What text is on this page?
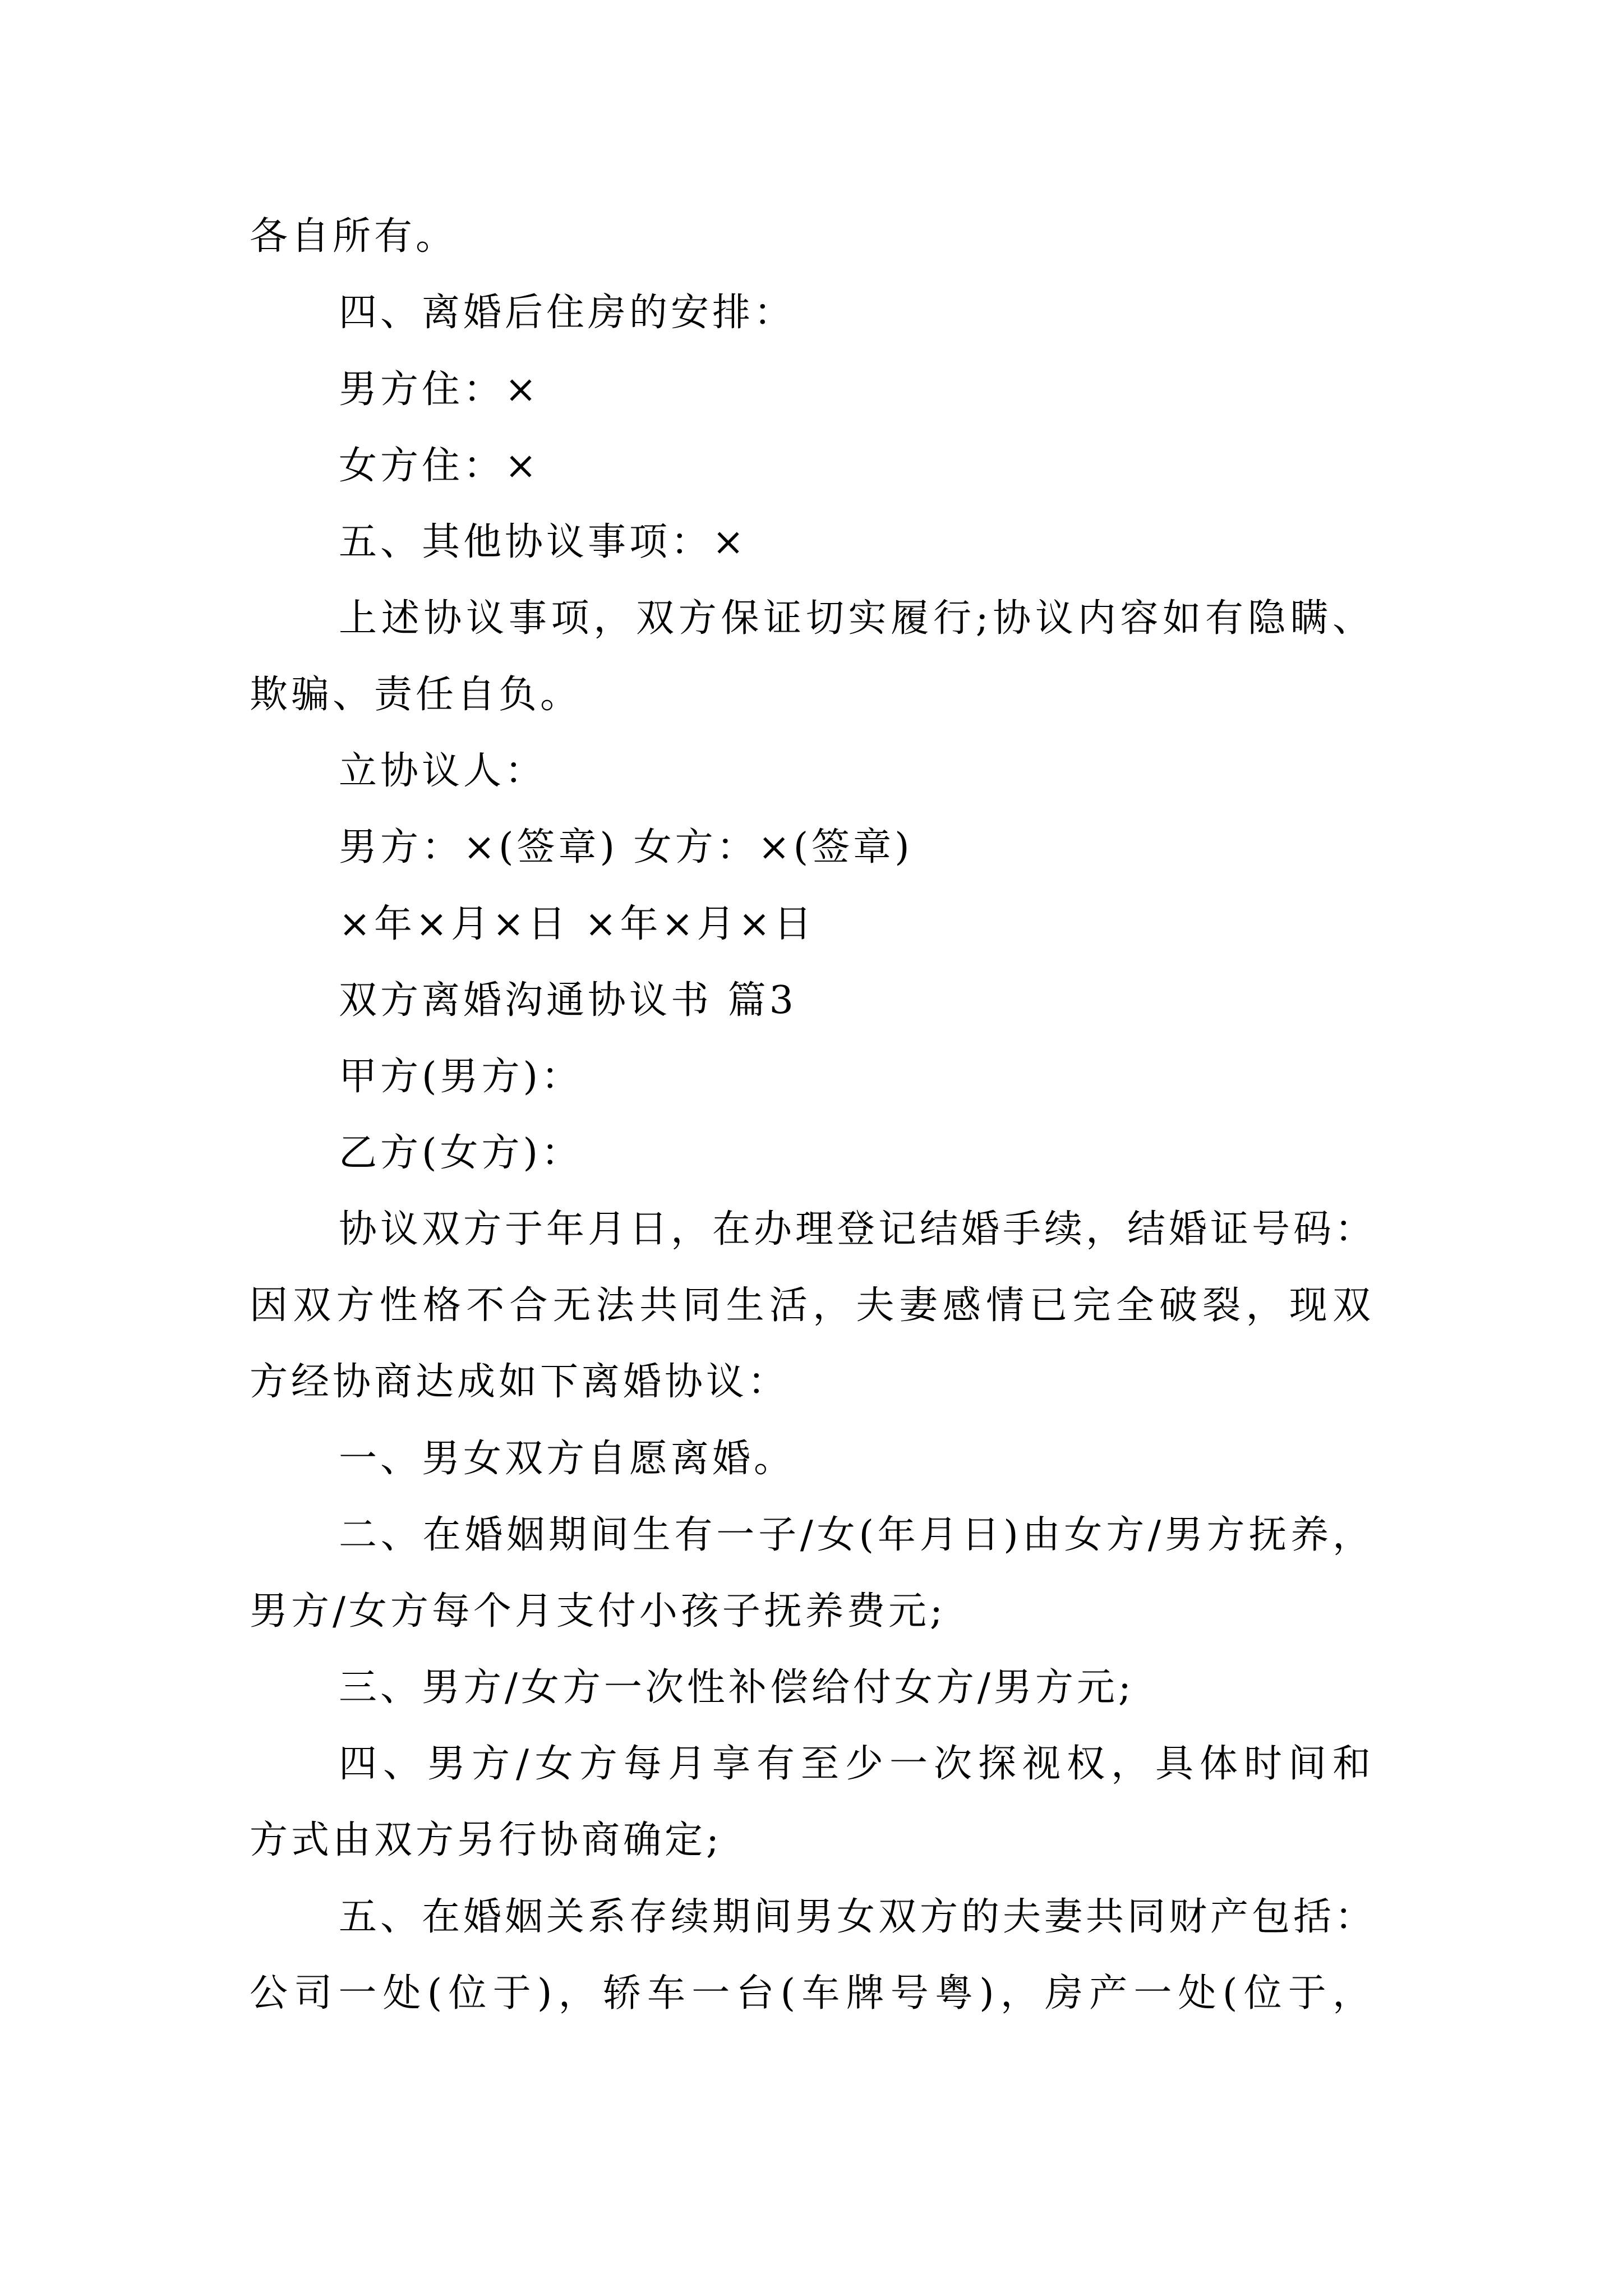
各自所有。
四、离婚后住房的安排：
男方住：×
女方住：×
五、其他协议事项：×
上述协议事项，双方保证切实履行;协议内容如有隐瞒、
欺骗、责任自负。
立协议人：
男方：×(签章) 女方：×(签章)
×年×月×日 ×年×月×日
双方离婚沟通协议书 篇3
甲方(男方)：
乙方(女方)：
协议双方于年月日，在办理登记结婚手续，结婚证号码：
因双方性格不合无法共同生活，夫妻感情已完全破裂，现双
方经协商达成如下离婚协议：
一、男女双方自愿离婚。
二、在婚姻期间生有一子/女(年月日)由女方/男方抚养，
男方/女方每个月支付小孩子抚养费元;
三、男方/女方一次性补偿给付女方/男方元;
四、男方/女方每月享有至少一次探视权，具体时间和
方式由双方另行协商确定;
五、在婚姻关系存续期间男女双方的夫妻共同财产包括：
公司一处(位于)，轿车一台(车牌号粤)，房产一处(位于，
